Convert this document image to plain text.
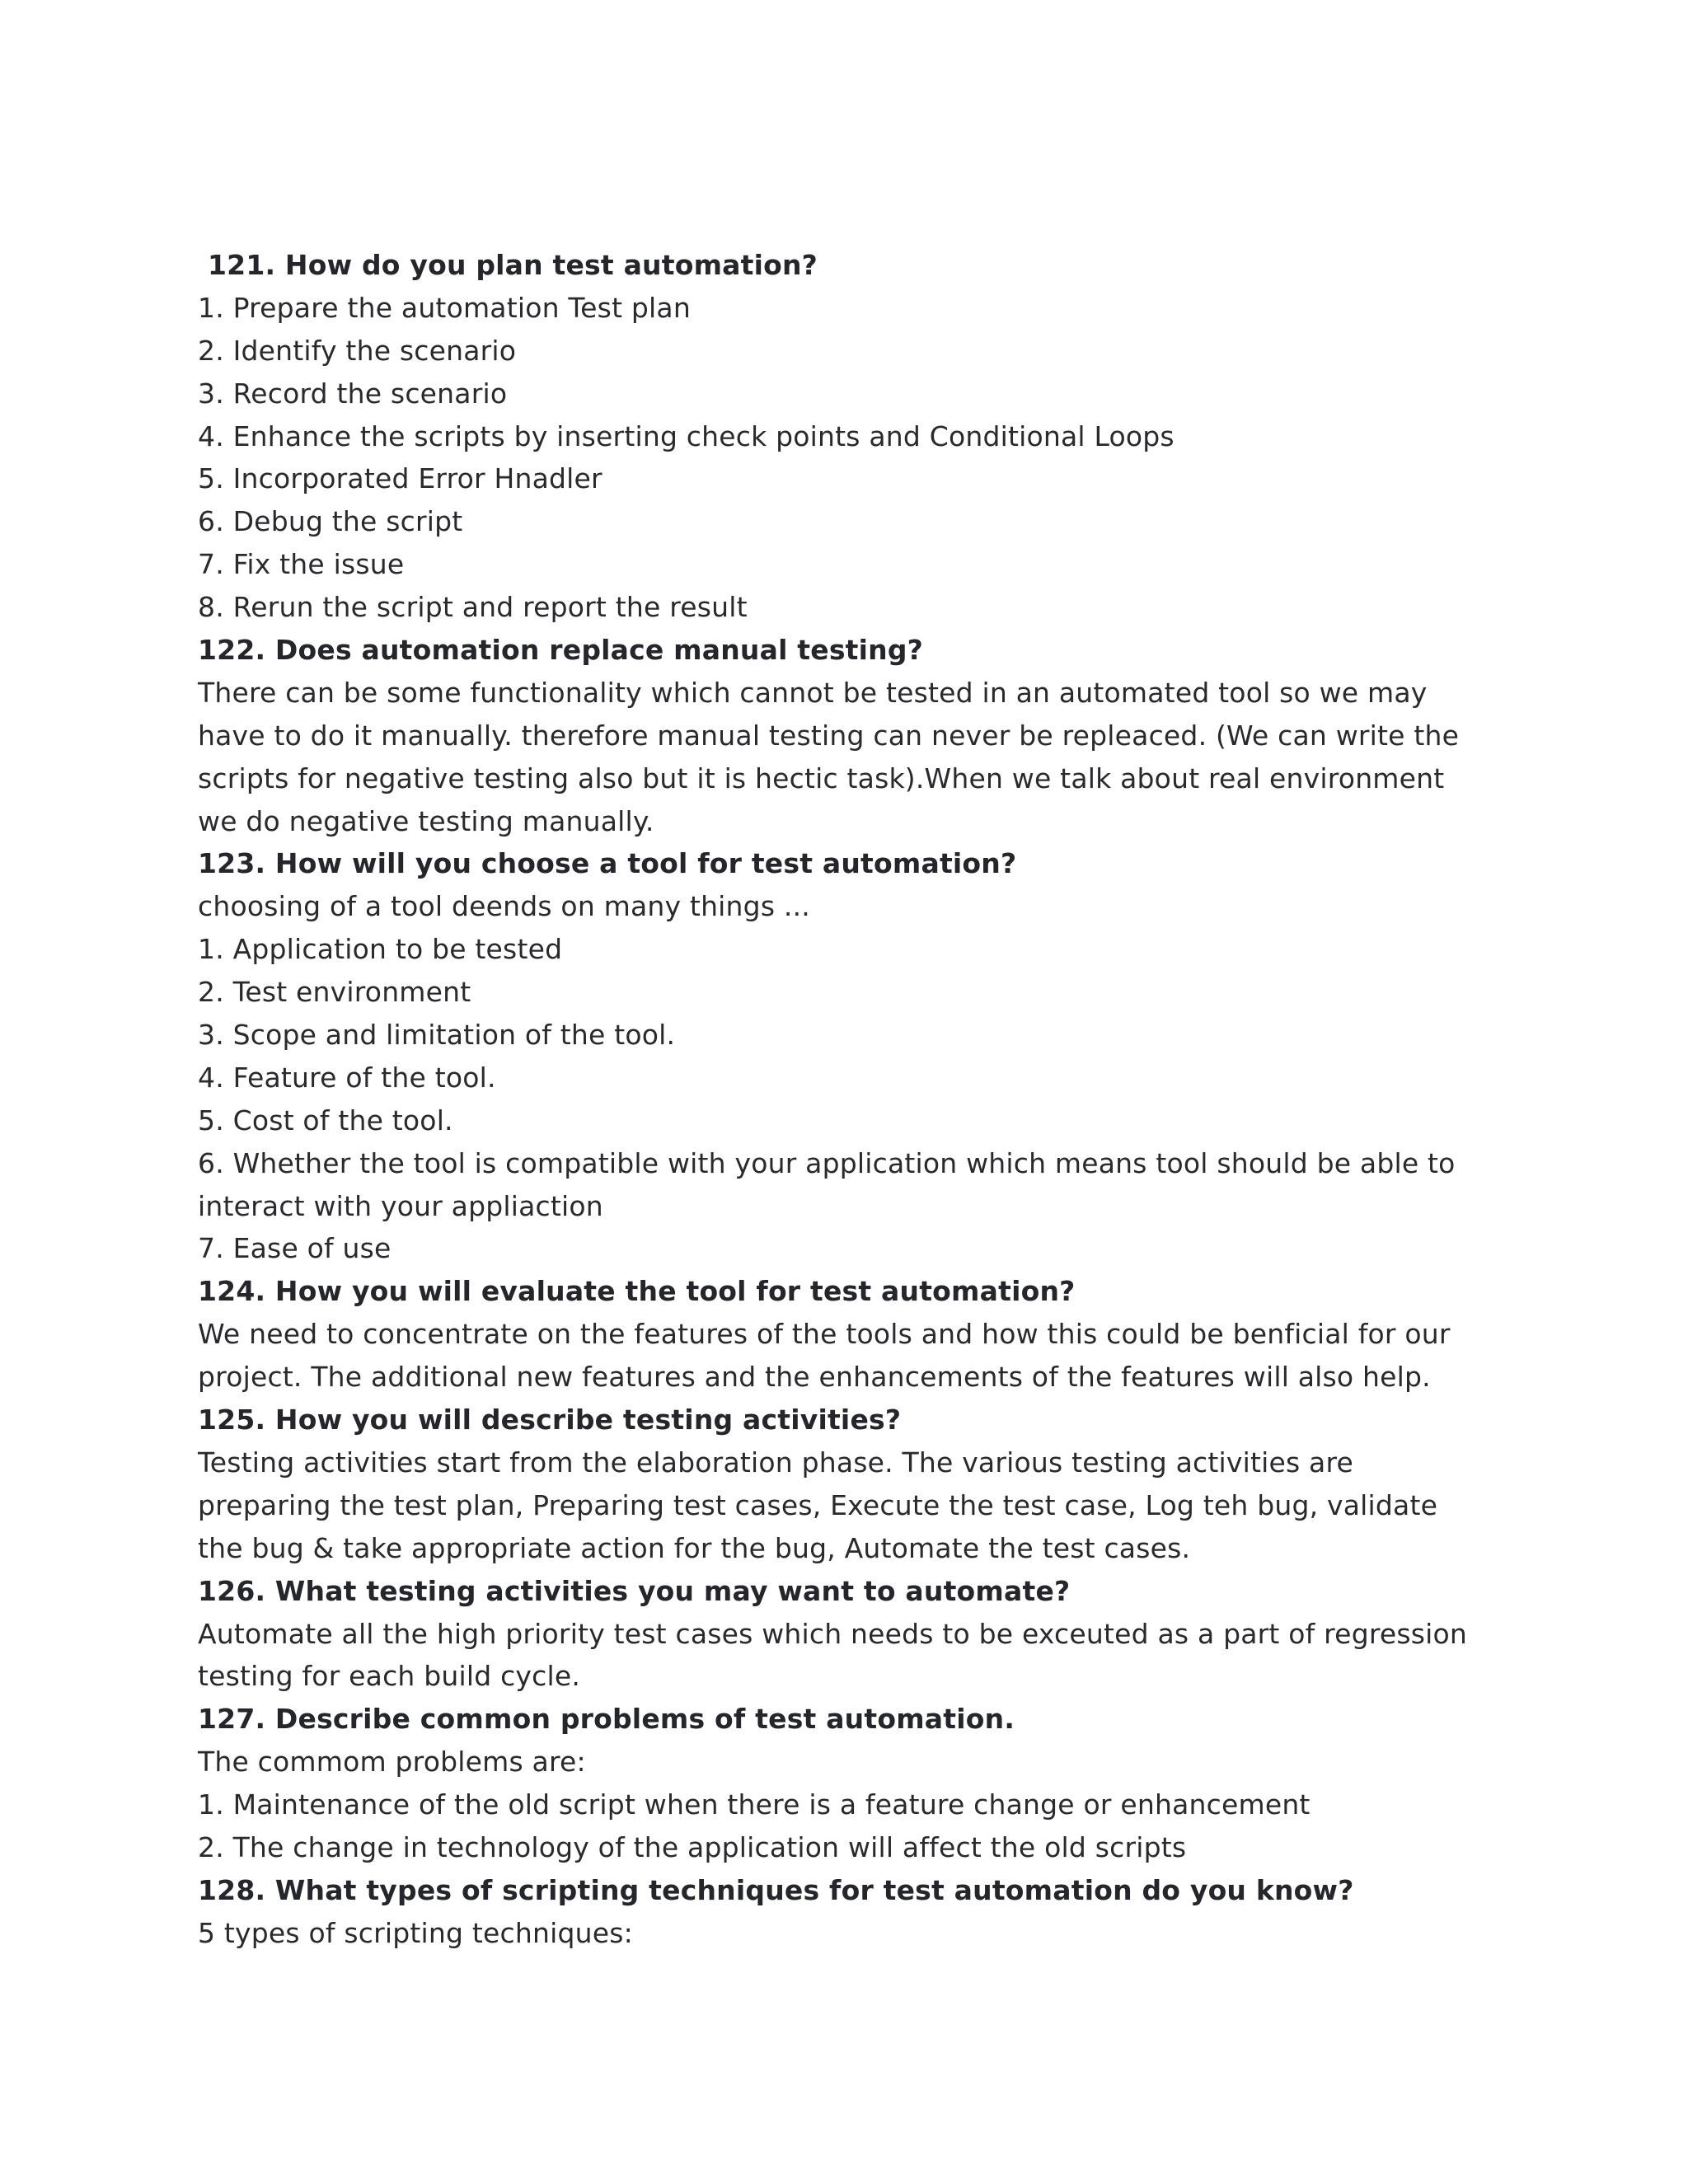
121. How do you plan test automation?
1. Prepare the automation Test plan
2. Identify the scenario
3. Record the scenario
4. Enhance the scripts by inserting check points and Conditional Loops
5. Incorporated Error Hnadler
6. Debug the script
7. Fix the issue
8. Rerun the script and report the result
122. Does automation replace manual testing?
There can be some functionality which cannot be tested in an automated tool so we may
have to do it manually. therefore manual testing can never be repleaced. (We can write the
scripts for negative testing also but it is hectic task).When we talk about real environment
we do negative testing manually.
123. How will you choose a tool for test automation?
choosing of a tool deends on many things ...
1. Application to be tested
2. Test environment
3. Scope and limitation of the tool.
4. Feature of the tool.
5. Cost of the tool.
6. Whether the tool is compatible with your application which means tool should be able to
interact with your appliaction
7. Ease of use
124. How you will evaluate the tool for test automation?
We need to concentrate on the features of the tools and how this could be benficial for our
project. The additional new features and the enhancements of the features will also help.
125. How you will describe testing activities?
Testing activities start from the elaboration phase. The various testing activities are
preparing the test plan, Preparing test cases, Execute the test case, Log teh bug, validate
the bug & take appropriate action for the bug, Automate the test cases.
126. What testing activities you may want to automate?
Automate all the high priority test cases which needs to be exceuted as a part of regression
testing for each build cycle.
127. Describe common problems of test automation.
The commom problems are:
1. Maintenance of the old script when there is a feature change or enhancement
2. The change in technology of the application will affect the old scripts
128. What types of scripting techniques for test automation do you know?
5 types of scripting techniques:
